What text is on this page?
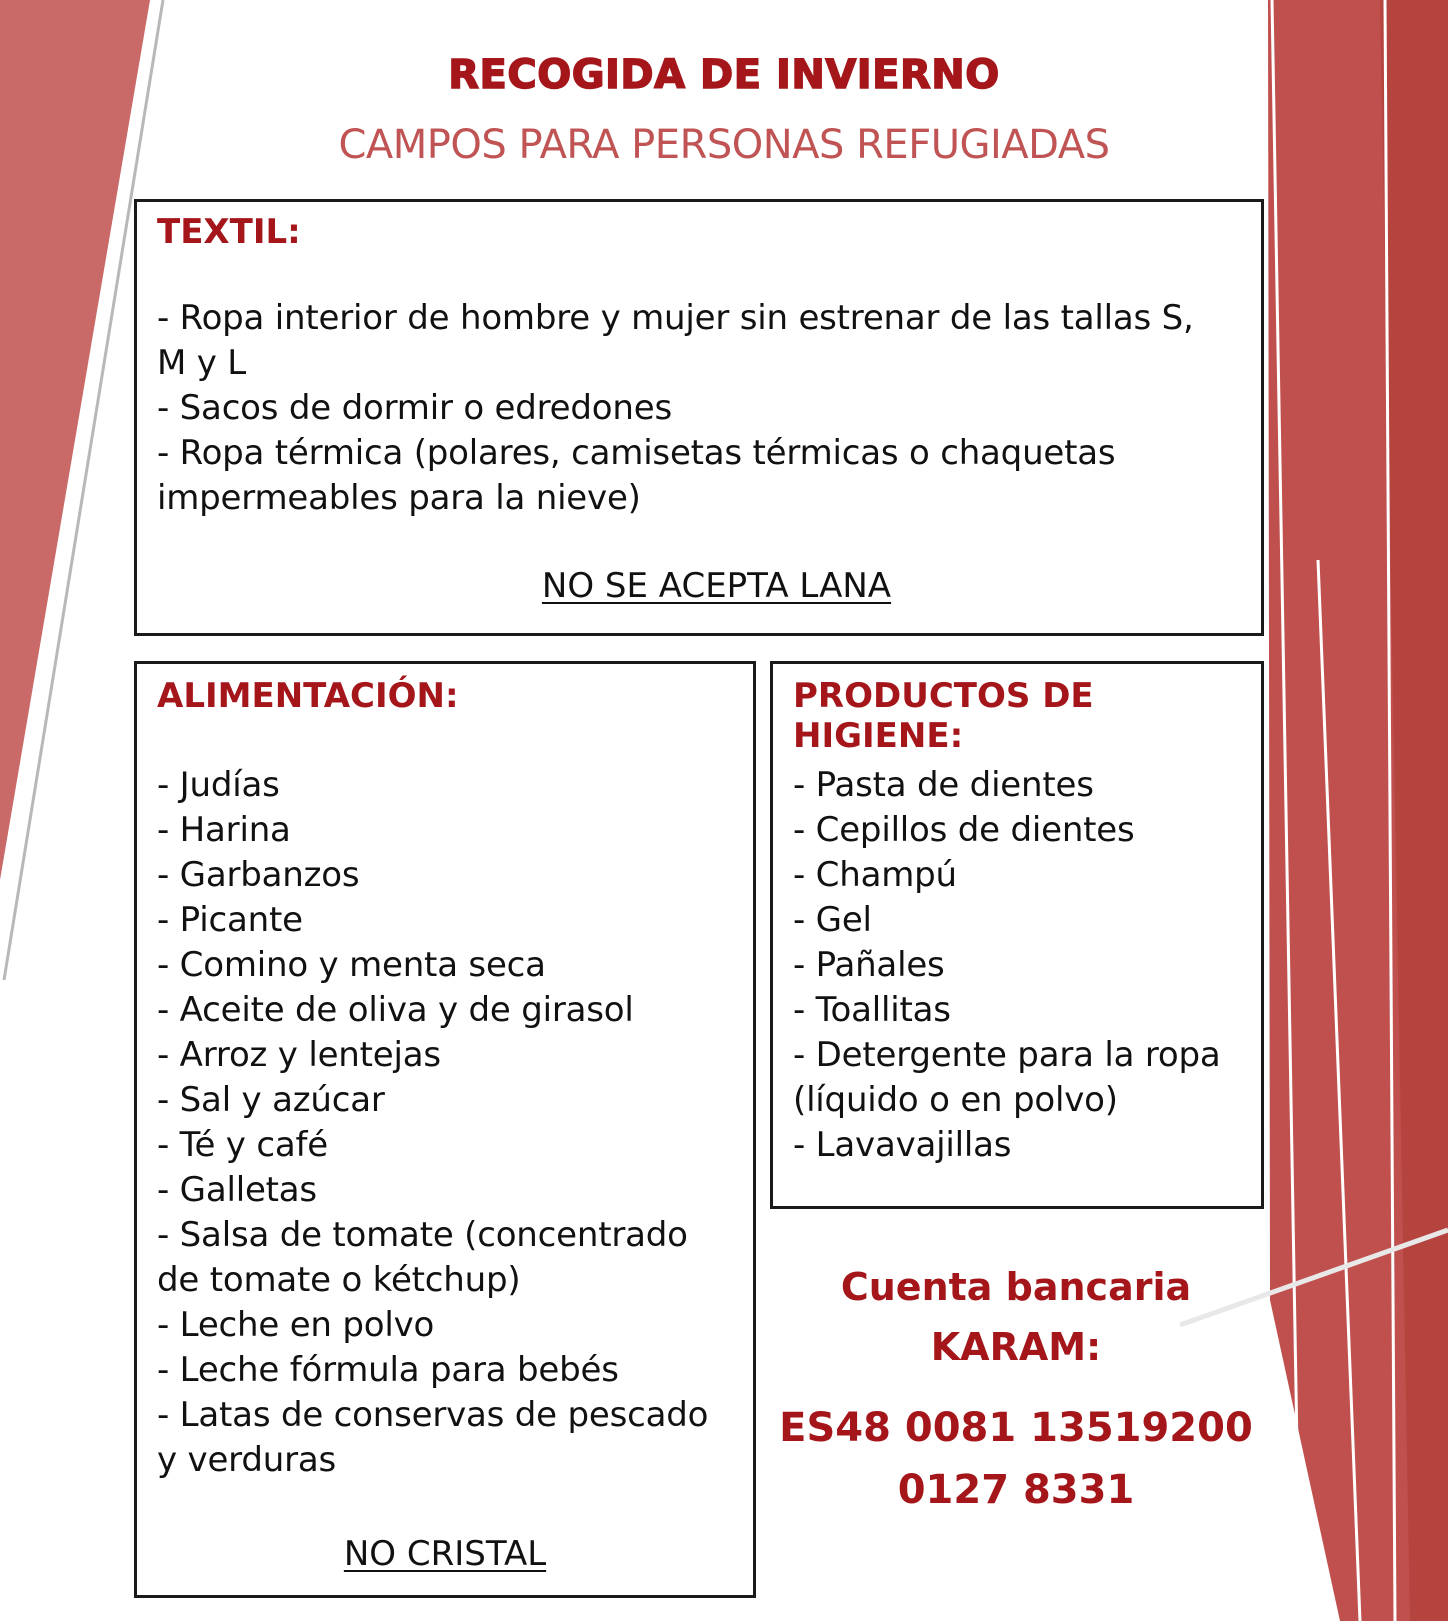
RECOGIDA DE INVIERNO
CAMPOS PARA PERSONAS REFUGIADAS
TEXTIL:
- Ropa interior de hombre y mujer sin estrenar de las tallas S,
M y L
- Sacos de dormir o edredones
- Ropa térmica (polares, camisetas térmicas o chaquetas
impermeables para la nieve)

NO SE ACEPTA LANA

ALIMENTACIÓN:
- Judías
- Harina
- Garbanzos
- Picante
- Comino y menta seca
- Aceite de oliva y de girasol
- Arroz y lentejas
- Sal y azúcar
- Té y café
- Galletas
- Salsa de tomate (concentrado
de tomate o kétchup)
- Leche en polvo
- Leche fórmula para bebés
- Latas de conservas de pescado
y verduras

NO CRISTAL

PRODUCTOS DE HIGIENE:
- Pasta de dientes
- Cepillos de dientes
- Champú
- Gel
- Pañales
- Toallitas
- Detergente para la ropa
(líquido o en polvo)
- Lavavajillas

Cuenta bancaria

KARAM:

ES48 0081 13519200

0127 8331
